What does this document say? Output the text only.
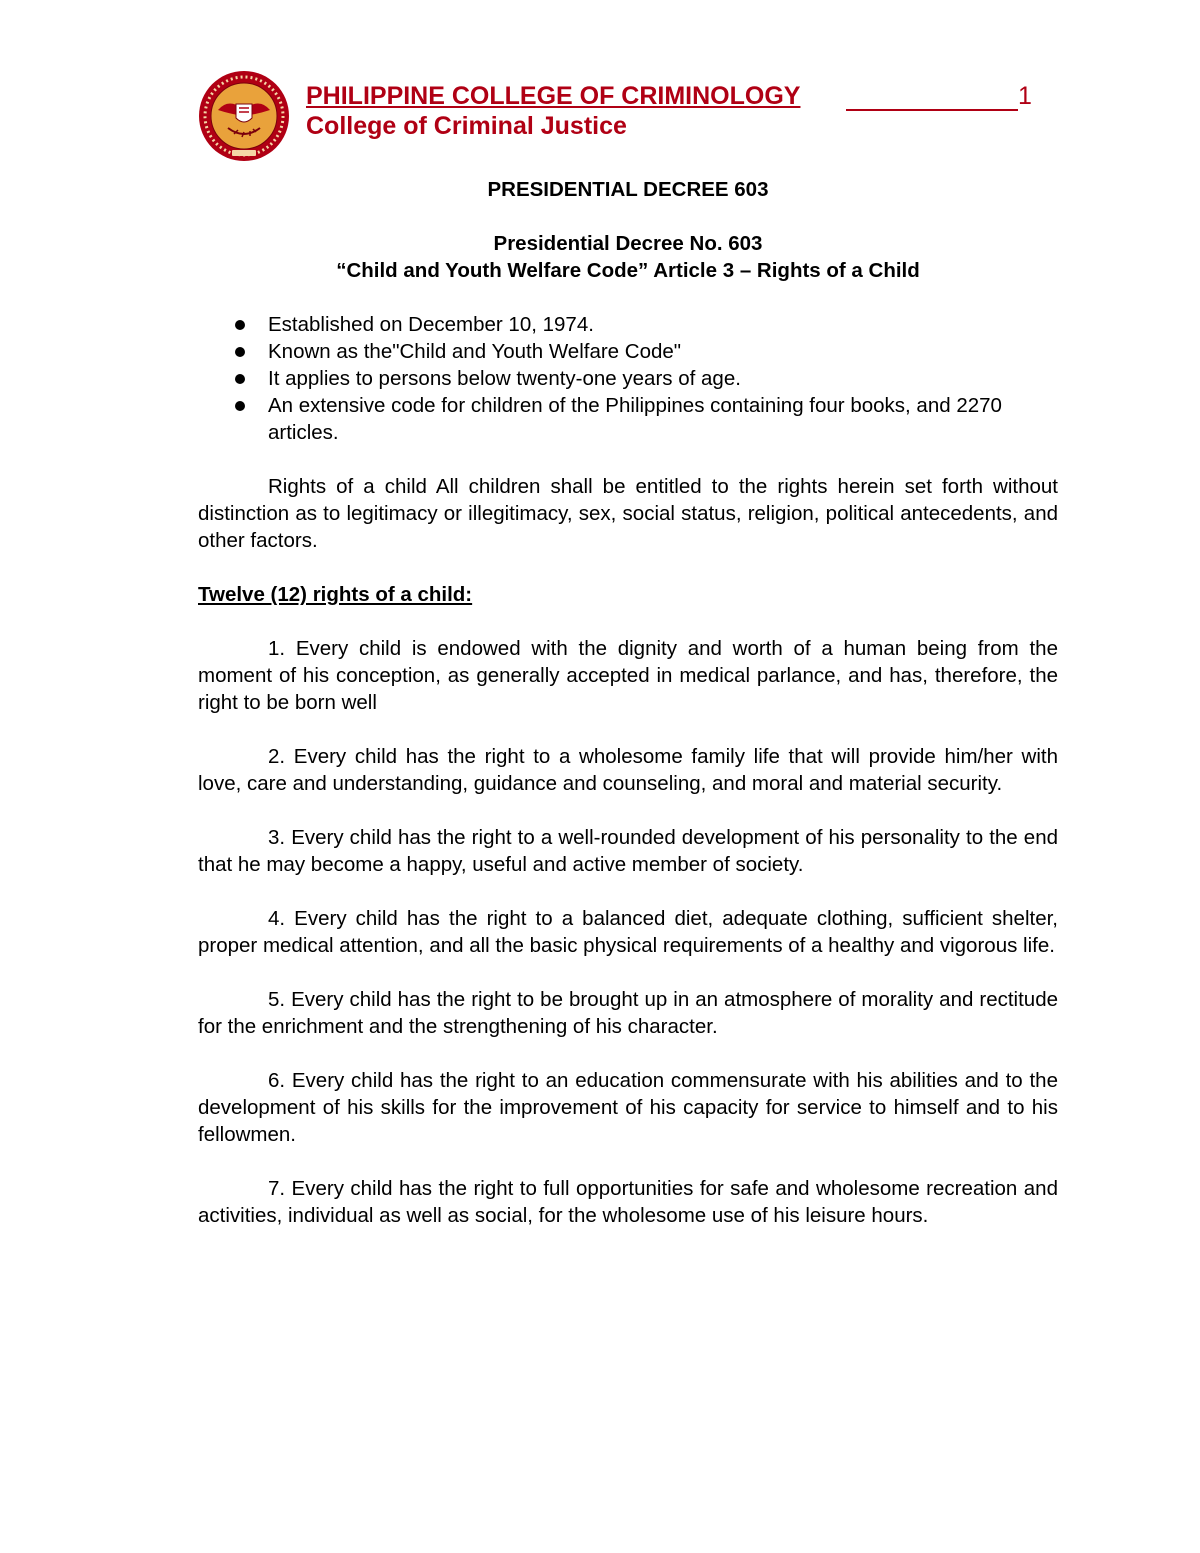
PHILIPPINE COLLEGE OF CRIMINOLOGY	1
College of Criminal Justice

PRESIDENTIAL DECREE 603

Presidential Decree No. 603

“Child and Youth Welfare Code” Article 3 – Rights of a Child

Established on December 10, 1974.
Known as the"Child and Youth Welfare Code"
It applies to persons below twenty-one years of age.
An extensive code for children of the Philippines containing four books, and 2270 articles.

Rights of a child All children shall be entitled to the rights herein set forth without distinction as to legitimacy or illegitimacy, sex, social status, religion, political antecedents, and other factors.

Twelve (12) rights of a child:

1. Every child is endowed with the dignity and worth of a human being from the moment of his conception, as generally accepted in medical parlance, and has, therefore, the right to be born well

2. Every child has the right to a wholesome family life that will provide him/her with love, care and understanding, guidance and counseling, and moral and material security.

3. Every child has the right to a well-rounded development of his personality to the end that he may become a happy, useful and active member of society.

4. Every child has the right to a balanced diet, adequate clothing, sufficient shelter, proper medical attention, and all the basic physical requirements of a healthy and vigorous life.

5. Every child has the right to be brought up in an atmosphere of morality and rectitude for the enrichment and the strengthening of his character.

6. Every child has the right to an education commensurate with his abilities and to the development of his skills for the improvement of his capacity for service to himself and to his fellowmen.

7. Every child has the right to full opportunities for safe and wholesome recreation and activities, individual as well as social, for the wholesome use of his leisure hours.
